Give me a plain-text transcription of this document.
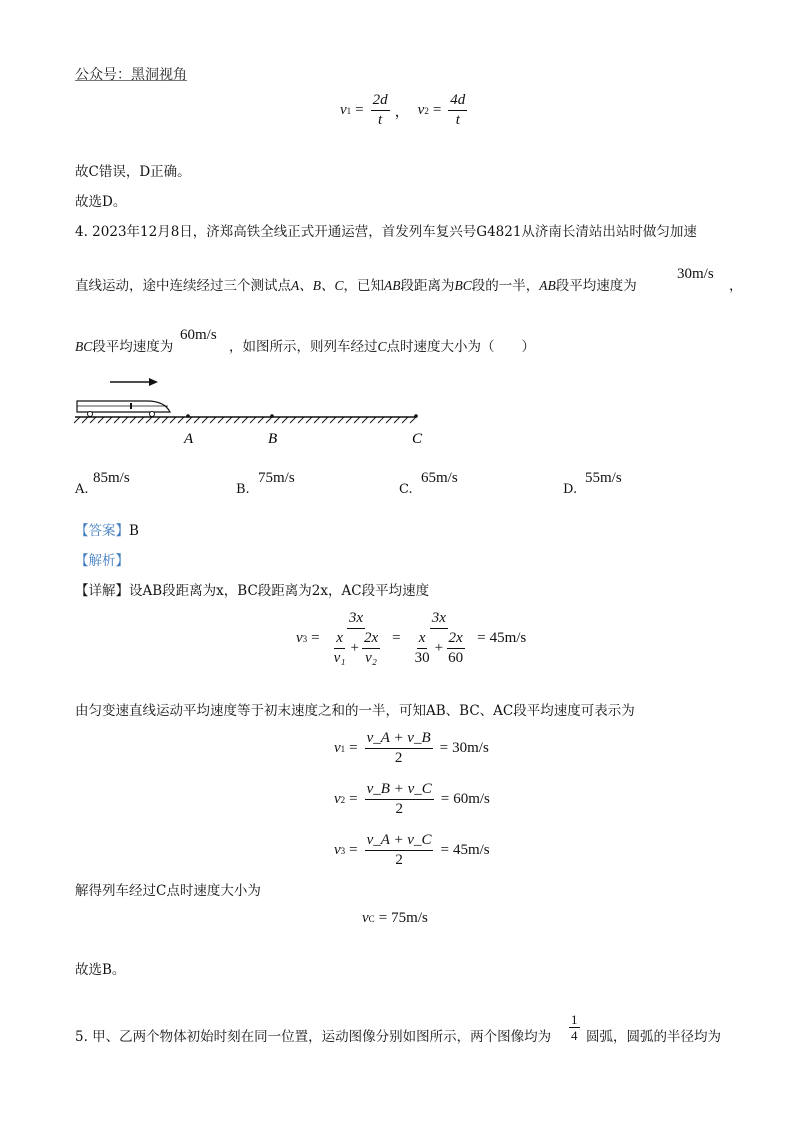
公众号：黑洞视角
v $1 = \frac{2d}{t}$ ， v $2 = \frac{4d}{t}$
故C错误，D正确。
故选D。
4. 2023年12月8日，济郑高铁全线正式开通运营，首发列车复兴号G4821从济南长清站出站时做匀加速
直线运动，途中连续经过三个测试点A、B、C，已知AB段距离为BC段的一半，AB段平均速度为
30m/s
，
BC段平均速度为
60m/s
，如图所示，则列车经过C点时速度大小为（　　）
A	B	C
A.
85m/s
B.
75m/s
C.
65m/s
D.
55m/s
【答案】B
【解析】
【详解】设AB段距离为x，BC段距离为2x，AC段平均速度
v $3 = \frac{3x}{\frac{x}{\text{v₁}} + \frac{2x}{\text{v₂}}} = \frac{3x}{\frac{x}{30} + \frac{2x}{60}} = 45m/s$
由匀变速直线运动平均速度等于初末速度之和的一半，可知AB、BC、AC段平均速度可表示为
v $1 = \frac{v\_A + v\_B}{2} = 30m/s$
v $2 = \frac{v\_B + v\_C}{2} = 60m/s$
v $3 = \frac{v\_A + v\_C}{2} = 45m/s$
解得列车经过C点时速度大小为
v C = 75m/s
故选B。
5. 甲、乙两个物体初始时刻在同一位置，运动图像分别如图所示，两个图像均为
1
4 圆弧，圆弧的半径均为
